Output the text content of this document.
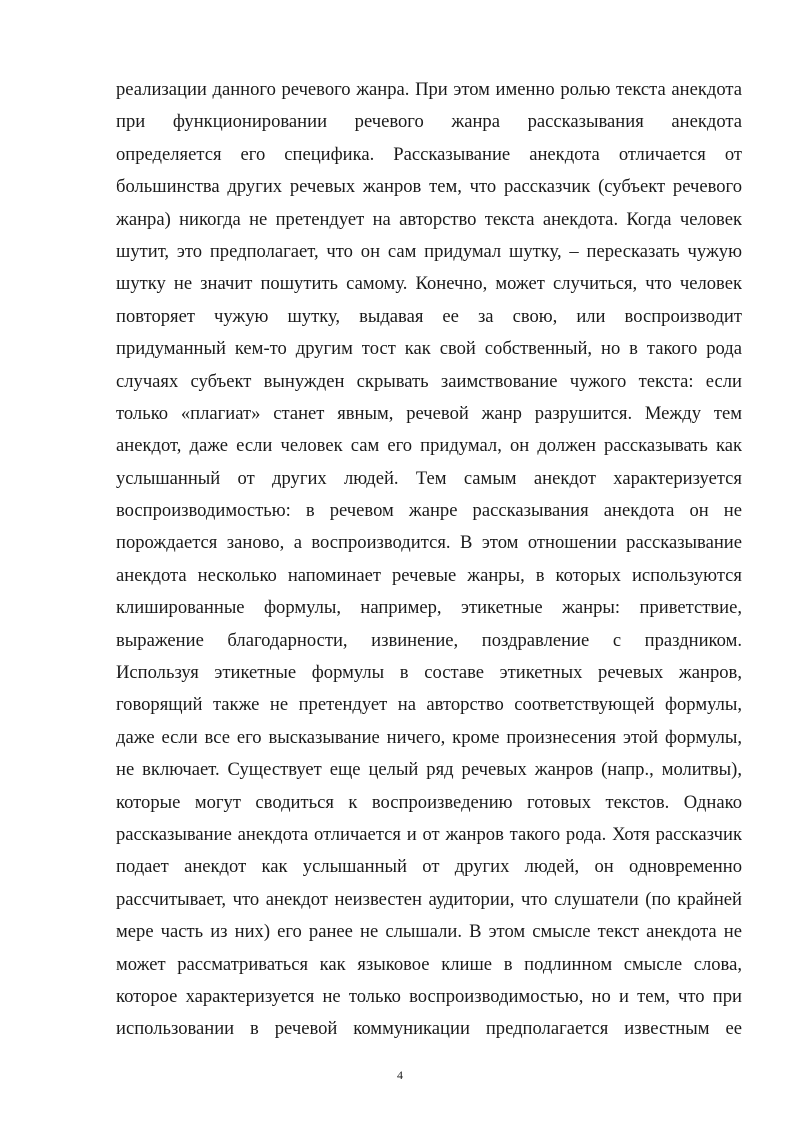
реализации данного речевого жанра. При этом именно ролью текста анекдота
при функционировании речевого жанра рассказывания анекдота
определяется его специфика. Рассказывание анекдота отличается от
большинства других речевых жанров тем, что рассказчик (субъект речевого
жанра) никогда не претендует на авторство текста анекдота. Когда человек
шутит, это предполагает, что он сам придумал шутку, – пересказать чужую
шутку не значит пошутить самому. Конечно, может случиться, что человек
повторяет чужую шутку, выдавая ее за свою, или воспроизводит
придуманный кем-то другим тост как свой собственный, но в такого рода
случаях субъект вынужден скрывать заимствование чужого текста: если
только «плагиат» станет явным, речевой жанр разрушится. Между тем
анекдот, даже если человек сам его придумал, он должен рассказывать как
услышанный от других людей. Тем самым анекдот характеризуется
воспроизводимостью: в речевом жанре рассказывания анекдота он не
порождается заново, а воспроизводится. В этом отношении рассказывание
анекдота несколько напоминает речевые жанры, в которых используются
клишированные формулы, например, этикетные жанры: приветствие,
выражение благодарности, извинение, поздравление с праздником.
Используя этикетные формулы в составе этикетных речевых жанров,
говорящий также не претендует на авторство соответствующей формулы,
даже если все его высказывание ничего, кроме произнесения этой формулы,
не включает. Существует еще целый ряд речевых жанров (напр., молитвы),
которые могут сводиться к воспроизведению готовых текстов. Однако
рассказывание анекдота отличается и от жанров такого рода. Хотя рассказчик
подает анекдот как услышанный от других людей, он одновременно
рассчитывает, что анекдот неизвестен аудитории, что слушатели (по крайней
мере часть из них) его ранее не слышали. В этом смысле текст анекдота не
может рассматриваться как языковое клише в подлинном смысле слова,
которое характеризуется не только воспроизводимостью, но и тем, что при
использовании в речевой коммуникации предполагается известным ее
4
